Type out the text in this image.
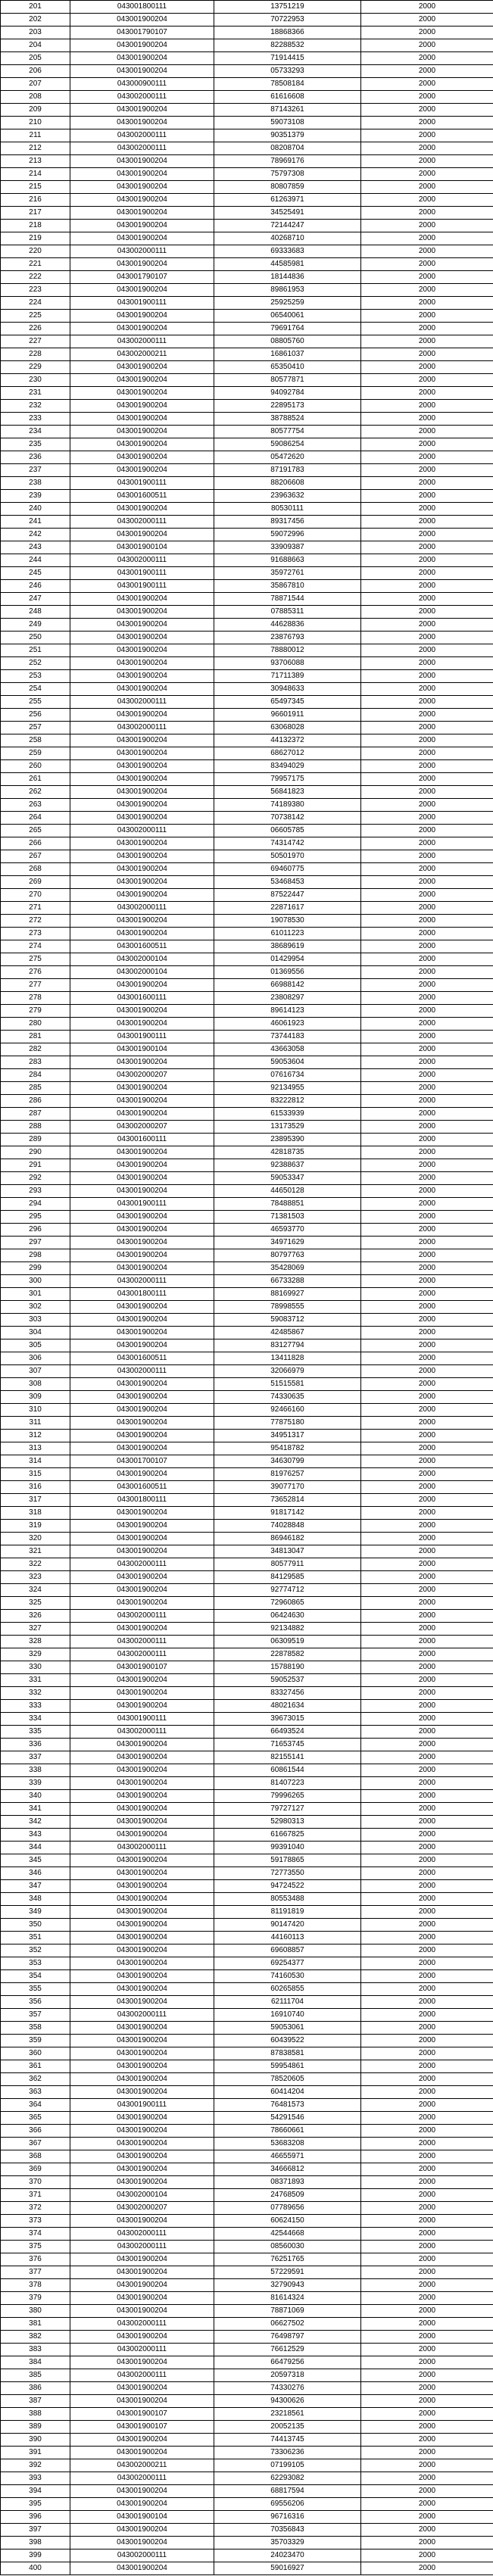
201	043001800111	13751219	2000
202	043001900204	70722953	2000
203	043001790107	18868366	2000
204	043001900204	82288532	2000
205	043001900204	71914415	2000
206	043001900204	05733293	2000
207	043000900111	78508184	2000
208	043002000111	61616608	2000
209	043001900204	87143261	2000
210	043001900204	59073108	2000
211	043002000111	90351379	2000
212	043002000111	08208704	2000
213	043001900204	78969176	2000
214	043001900204	75797308	2000
215	043001900204	80807859	2000
216	043001900204	61263971	2000
217	043001900204	34525491	2000
218	043001900204	72144247	2000
219	043001900204	40268710	2000
220	043002000111	69333683	2000
221	043001900204	44585981	2000
222	043001790107	18144836	2000
223	043001900204	89861953	2000
224	043001900111	25925259	2000
225	043001900204	06540061	2000
226	043001900204	79691764	2000
227	043002000111	08805760	2000
228	043002000211	16861037	2000
229	043001900204	65350410	2000
230	043001900204	80577871	2000
231	043001900204	94092784	2000
232	043001900204	22895173	2000
233	043001900204	38788524	2000
234	043001900204	80577754	2000
235	043001900204	59086254	2000
236	043001900204	05472620	2000
237	043001900204	87191783	2000
238	043001900111	88206608	2000
239	043001600511	23963632	2000
240	043001900204	80530111	2000
241	043002000111	89317456	2000
242	043001900204	59072996	2000
243	043001900104	33909387	2000
244	043002000111	91688663	2000
245	043001900111	35972761	2000
246	043001900111	35867810	2000
247	043001900204	78871544	2000
248	043001900204	07885311	2000
249	043001900204	44628836	2000
250	043001900204	23876793	2000
251	043001900204	78880012	2000
252	043001900204	93706088	2000
253	043001900204	71711389	2000
254	043001900204	30948633	2000
255	043002000111	65497345	2000
256	043001900204	96601911	2000
257	043002000111	63068028	2000
258	043001900204	44132372	2000
259	043001900204	68627012	2000
260	043001900204	83494029	2000
261	043001900204	79957175	2000
262	043001900204	56841823	2000
263	043001900204	74189380	2000
264	043001900204	70738142	2000
265	043002000111	06605785	2000
266	043001900204	74314742	2000
267	043001900204	50501970	2000
268	043001900204	69460775	2000
269	043001900204	53468453	2000
270	043001900204	87522447	2000
271	043002000111	22871617	2000
272	043001900204	19078530	2000
273	043001900204	61011223	2000
274	043001600511	38689619	2000
275	043002000104	01429954	2000
276	043002000104	01369556	2000
277	043001900204	66988142	2000
278	043001600111	23808297	2000
279	043001900204	89614123	2000
280	043001900204	46061923	2000
281	043001900111	73744183	2000
282	043001900104	43663058	2000
283	043001900204	59053604	2000
284	043002000207	07616734	2000
285	043001900204	92134955	2000
286	043001900204	83222812	2000
287	043001900204	61533939	2000
288	043002000207	13173529	2000
289	043001600111	23895390	2000
290	043001900204	42818735	2000
291	043001900204	92388637	2000
292	043001900204	59053347	2000
293	043001900204	44650128	2000
294	043001900111	78488851	2000
295	043001900204	71381503	2000
296	043001900204	46593770	2000
297	043001900204	34971629	2000
298	043001900204	80797763	2000
299	043001900204	35428069	2000
300	043002000111	66733288	2000
301	043001800111	88169927	2000
302	043001900204	78998555	2000
303	043001900204	59083712	2000
304	043001900204	42485867	2000
305	043001900204	83127794	2000
306	043001600511	13411828	2000
307	043002000111	32066979	2000
308	043001900204	51515581	2000
309	043001900204	74330635	2000
310	043001900204	92466160	2000
311	043001900204	77875180	2000
312	043001900204	34951317	2000
313	043001900204	95418782	2000
314	043001700107	34630799	2000
315	043001900204	81976257	2000
316	043001600511	39077170	2000
317	043001800111	73652814	2000
318	043001900204	91817142	2000
319	043001900204	74028848	2000
320	043001900204	86946182	2000
321	043001900204	34813047	2000
322	043002000111	80577911	2000
323	043001900204	84129585	2000
324	043001900204	92774712	2000
325	043001900204	72960865	2000
326	043002000111	06424630	2000
327	043001900204	92134882	2000
328	043002000111	06309519	2000
329	043002000111	22878582	2000
330	043001900107	15788190	2000
331	043001900204	59052537	2000
332	043001900204	83327456	2000
333	043001900204	48021634	2000
334	043001900111	39673015	2000
335	043002000111	66493524	2000
336	043001900204	71653745	2000
337	043001900204	82155141	2000
338	043001900204	60861544	2000
339	043001900204	81407223	2000
340	043001900204	79996265	2000
341	043001900204	79727127	2000
342	043001900204	52980313	2000
343	043001900204	61667825	2000
344	043002000111	99391040	2000
345	043001900204	59178865	2000
346	043001900204	72773550	2000
347	043001900204	94724522	2000
348	043001900204	80553488	2000
349	043001900204	81191819	2000
350	043001900204	90147420	2000
351	043001900204	44160113	2000
352	043001900204	69608857	2000
353	043001900204	69254377	2000
354	043001900204	74160530	2000
355	043001900204	60265855	2000
356	043001900204	62111704	2000
357	043002000111	16910740	2000
358	043001900204	59053061	2000
359	043001900204	60439522	2000
360	043001900204	87838581	2000
361	043001900204	59954861	2000
362	043001900204	78520605	2000
363	043001900204	60414204	2000
364	043001900111	76481573	2000
365	043001900204	54291546	2000
366	043001900204	78660661	2000
367	043001900204	53683208	2000
368	043001900204	46655971	2000
369	043001900204	34666812	2000
370	043001900204	08371893	2000
371	043002000104	24768509	2000
372	043002000207	07789656	2000
373	043001900204	60624150	2000
374	043002000111	42544668	2000
375	043002000111	08560030	2000
376	043001900204	76251765	2000
377	043001900204	57229591	2000
378	043001900204	32790943	2000
379	043001900204	81614324	2000
380	043001900204	78871069	2000
381	043002000111	06627502	2000
382	043001900204	76498797	2000
383	043002000111	76612529	2000
384	043001900204	66479256	2000
385	043002000111	20597318	2000
386	043001900204	74330276	2000
387	043001900204	94300626	2000
388	043001900107	23218561	2000
389	043001900107	20052135	2000
390	043001900204	74413745	2000
391	043001900204	73306236	2000
392	043002000211	07199105	2000
393	043002000111	62293082	2000
394	043001900204	68817594	2000
395	043001900204	69556206	2000
396	043001900104	96716316	2000
397	043001900204	70356843	2000
398	043001900204	35703329	2000
399	043002000111	24023470	2000
400	043001900204	59016927	2000
